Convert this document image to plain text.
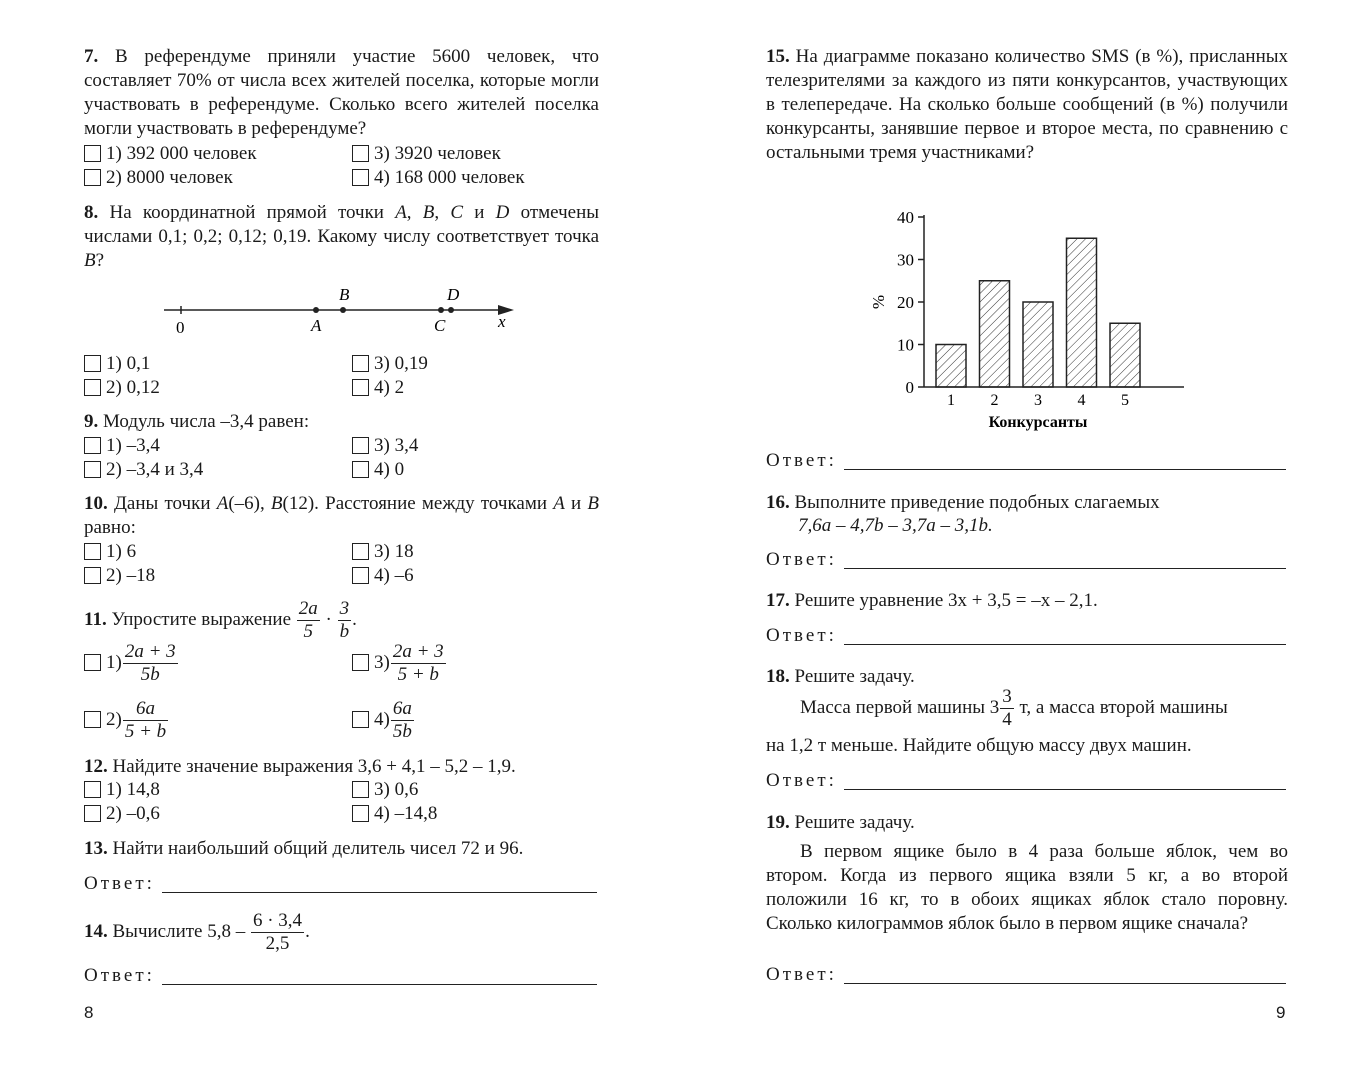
7. В референдуме приняли участие 5600 человек, что составляет 70% от числа всех жителей поселка, которые могли участвовать в референдуме. Сколько всего жителей поселка могли участвовать в референдуме?
1) 392 000 человек	3) 3920 человек
2) 8000 человек	4) 168 000 человек
8. На координатной прямой точки A, B, C и D отмечены числами 0,1; 0,2; 0,12; 0,19. Какому числу соответствует точка B?
0	A
B
C
D
x
1) 0,1	3) 0,19
2) 0,12	4) 2
9. Модуль числа –3,4 равен:
1) –3,4	3) 3,4
2) –3,4 и 3,4	4) 0
10. Даны точки A(–6), B(12). Расстояние между точками A и B равно:
1) 6	3) 18
2) –18	4) –6
11. Упростите выражение $\frac{2a}{5} \cdot \frac{3}{b}$ .
$1) \frac{2a + 3}{5b}$	$3) \frac{2a + 3}{5 + b}$
$2) \frac{6a}{5 + b}$	$4) \frac{6a}{5b}$
12. Найдите значение выражения 3,6 + 4,1 – 5,2 – 1,9.
1) 14,8	3) 0,6
2) –0,6	4) –14,8
13. Найти наибольший общий делитель чисел 72 и 96.
Ответ:
14. Вычислите $5,8 - \frac{6 \cdot 3,4}{2,5}$ .
Ответ:
8
15. На диаграмме показано количество SMS (в %), присланных телезрителями за каждого из пяти конкурсантов, участвующих в телепередаче. На сколько больше сообщений (в %) получили конкурсанты, занявшие первое и второе места, по сравнению с остальными тремя участниками?
0
10
20
30
40
1 2 3 4 5
%
Конкурсанты
Ответ:
16. Выполните приведение подобных слагаемых
7,6a – 4,7b – 3,7a – 3,1b.
Ответ:
17. Решите уравнение 3x + 3,5 = –x – 2,1.
Ответ:
18. Решите задачу.
Масса первой машины $3 \frac{3}{4} т$, а масса второй машины
на 1,2 т меньше. Найдите общую массу двух машин.
Ответ:
19. Решите задачу.
В первом ящике было в 4 раза больше яблок, чем во втором. Когда из первого ящика взяли 5 кг, а во второй положили 16 кг, то в обоих ящиках яблок стало поровну. Сколько килограммов яблок было в первом ящике сначала?
Ответ:
9
